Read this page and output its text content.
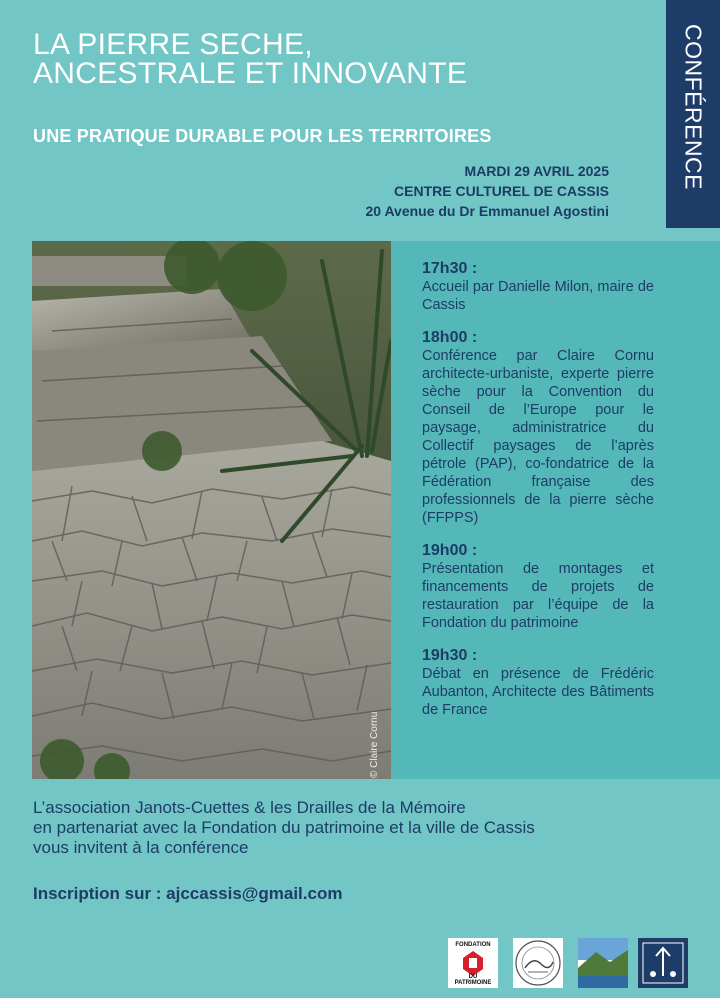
LA PIERRE SECHE,
ANCESTRALE ET INNOVANTE
UNE PRATIQUE DURABLE POUR LES TERRITOIRES
MARDI 29 AVRIL 2025
CENTRE CULTUREL DE CASSIS
20 Avenue du Dr Emmanuel Agostini
CONFÉRENCE
© Claire Cornu
17h30 :
Accueil par Danielle Milon, maire de Cassis
18h00 :
Conférence par Claire Cornu architecte-urbaniste, experte pierre sèche pour la Convention du Conseil de l’Europe pour le paysage, administratrice du Collectif paysages de l’après pétrole (PAP), co-fondatrice de la Fédération française des professionnels de la pierre sèche (FFPPS)
19h00 :
Présentation de montages et financements de projets de restauration par l’équipe de la Fondation du patrimoine
19h30 :
Débat en présence de Frédéric Aubanton, Architecte des Bâtiments de France

L’association Janots-Cuettes & les Drailles de la Mémoire
en partenariat avec la Fondation du patrimoine et la ville de Cassis
vous invitent à la conférence

Inscription sur : ajccassis@gmail.com
FONDATION
DU
PATRIMOINE
